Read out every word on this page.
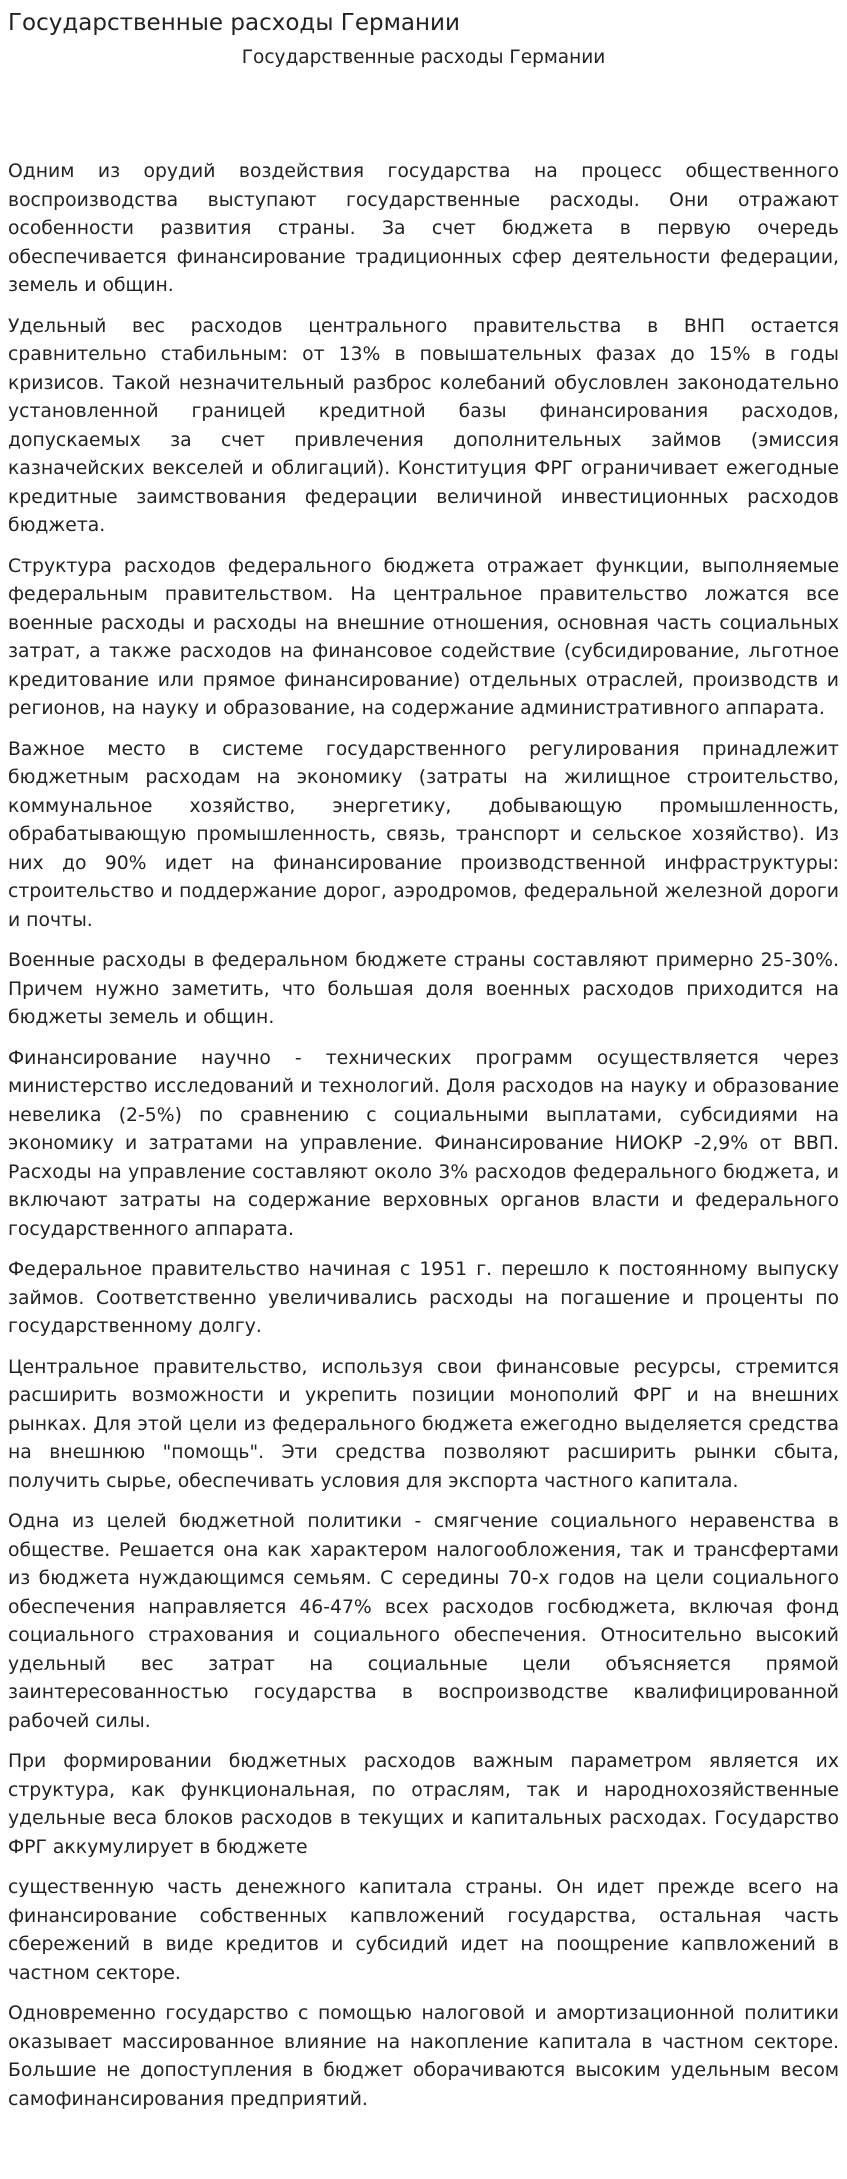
Государственные расходы Германии
Государственные расходы Германии

Одним из орудий воздействия государства на процесс общественного воспроизводства выступают государственные расходы. Они отражают особенности развития страны. За счет бюджета в первую очередь обеспечивается финансирование традиционных сфер деятельности федерации, земель и общин.

Удельный вес расходов центрального правительства в ВНП остается сравнительно стабильным: от 13% в повышательных фазах до 15% в годы кризисов. Такой незначительный разброс колебаний обусловлен законодательно установленной границей кредитной базы финансирования расходов, допускаемых за счет привлечения дополнительных займов (эмиссия казначейских векселей и облигаций). Конституция ФРГ ограничивает ежегодные кредитные заимствования федерации величиной инвестиционных расходов бюджета.

Структура расходов федерального бюджета отражает функции, выполняемые федеральным правительством. На центральное правительство ложатся все военные расходы и расходы на внешние отношения, основная часть социальных затрат, а также расходов на финансовое содействие (субсидирование, льготное кредитование или прямое финансирование) отдельных отраслей, производств и регионов, на науку и образование, на содержание административного аппарата.

Важное место в системе государственного регулирования принадлежит бюджетным расходам на экономику (затраты на жилищное строительство, коммунальное хозяйство, энергетику, добывающую промышленность, обрабатывающую промышленность, связь, транспорт и сельское хозяйство). Из них до 90% идет на финансирование производственной инфраструктуры: строительство и поддержание дорог, аэродромов, федеральной железной дороги и почты.

Военные расходы в федеральном бюджете страны составляют примерно 25-30%. Причем нужно заметить, что большая доля военных расходов приходится на бюджеты земель и общин.

Финансирование научно - технических программ осуществляется через министерство исследований и технологий. Доля расходов на науку и образование невелика (2-5%) по сравнению с социальными выплатами, субсидиями на экономику и затратами на управление. Финансирование НИОКР -2,9% от ВВП. Расходы на управление составляют около 3% расходов федерального бюджета, и включают затраты на содержание верховных органов власти и федерального государственного аппарата.

Федеральное правительство начиная с 1951 г. перешло к постоянному выпуску займов. Соответственно увеличивались расходы на погашение и проценты по государственному долгу.

Центральное правительство, используя свои финансовые ресурсы, стремится расширить возможности и укрепить позиции монополий ФРГ и на внешних рынках. Для этой цели из федерального бюджета ежегодно выделяется средства на внешнюю "помощь". Эти средства позволяют расширить рынки сбыта, получить сырье, обеспечивать условия для экспорта частного капитала.

Одна из целей бюджетной политики - смягчение социального неравенства в обществе. Решается она как характером налогообложения, так и трансфертами из бюджета нуждающимся семьям. С середины 70-х годов на цели социального обеспечения направляется 46-47% всех расходов госбюджета, включая фонд социального страхования и социального обеспечения. Относительно высокий удельный вес затрат на социальные цели объясняется прямой заинтересованностью государства в воспроизводстве квалифицированной рабочей силы.

При формировании бюджетных расходов важным параметром является их структура, как функциональная, по отраслям, так и народнохозяйственные удельные веса блоков расходов в текущих и капитальных расходах. Государство ФРГ аккумулирует в бюджете

существенную часть денежного капитала страны. Он идет прежде всего на финансирование собственных капвложений государства, остальная часть сбережений в виде кредитов и субсидий идет на поощрение капвложений в частном секторе.

Одновременно государство с помощью налоговой и амортизационной политики оказывает массированное влияние на накопление капитала в частном секторе. Большие не допоступления в бюджет оборачиваются высоким удельным весом самофинансирования предприятий.
